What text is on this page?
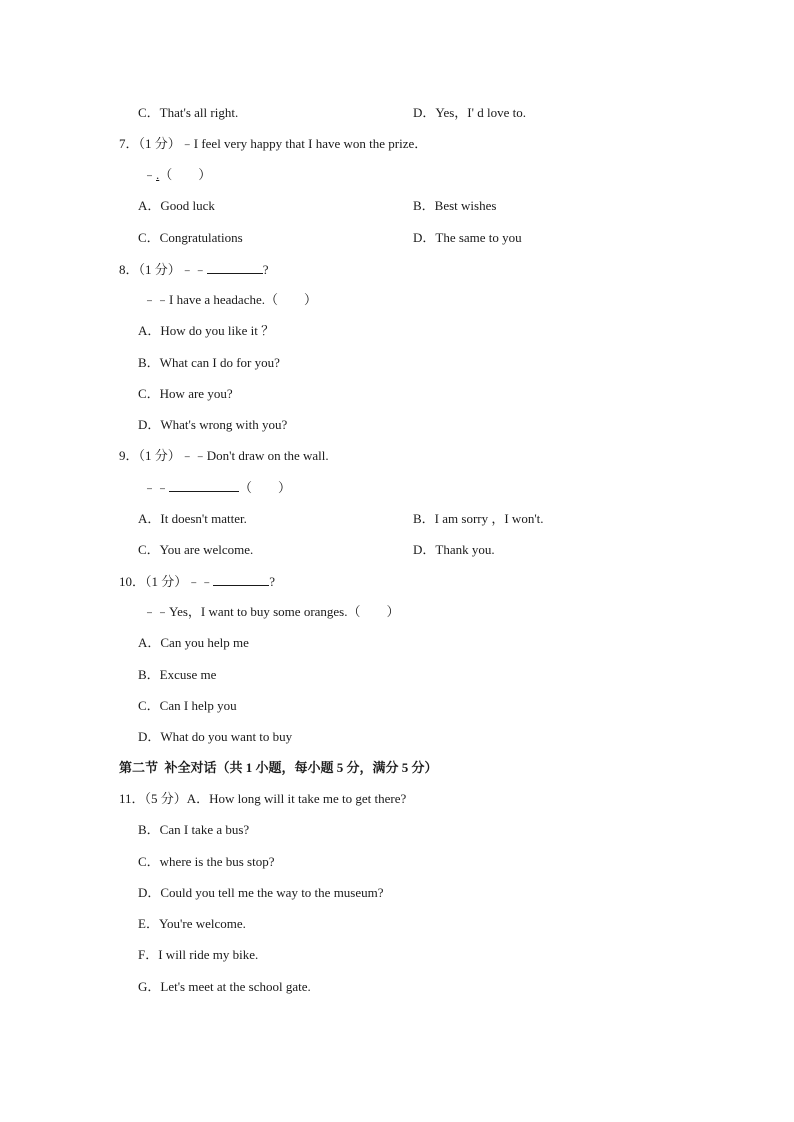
C．That's all right.	D．Yes，I' d love to.
7．（1 分）﹣I feel very happy that I have won the prize．
﹣.（　　）
A．Good luck	B．Best wishes
C．Congratulations	D．The same to you
8．（1 分）﹣﹣	?
﹣﹣I have a headache.（　　）
A．How do you like it ？
B．What can I do for you?
C．How are you?
D．What's wrong with you?
9．（1 分）﹣﹣Don't draw on the wall.
﹣﹣	（　　）
A．It doesn't matter.	B．I am sorry ，I won't.
C．You are welcome.	D．Thank you.
10．（1 分）﹣﹣	?
﹣﹣Yes，I want to buy some oranges.（　　）
A．Can you help me
B．Excuse me
C．Can I help you
D．What do you want to buy
第二节  补全对话（共 1 小题，每小题 5 分，满分 5 分）
11．（5 分）A．How long will it take me to get there?
B．Can I take a bus?
C．where is the bus stop?
D．Could you tell me the way to the museum?
E．You're welcome.
F．I will ride my bike.
G．Let's meet at the school gate.
